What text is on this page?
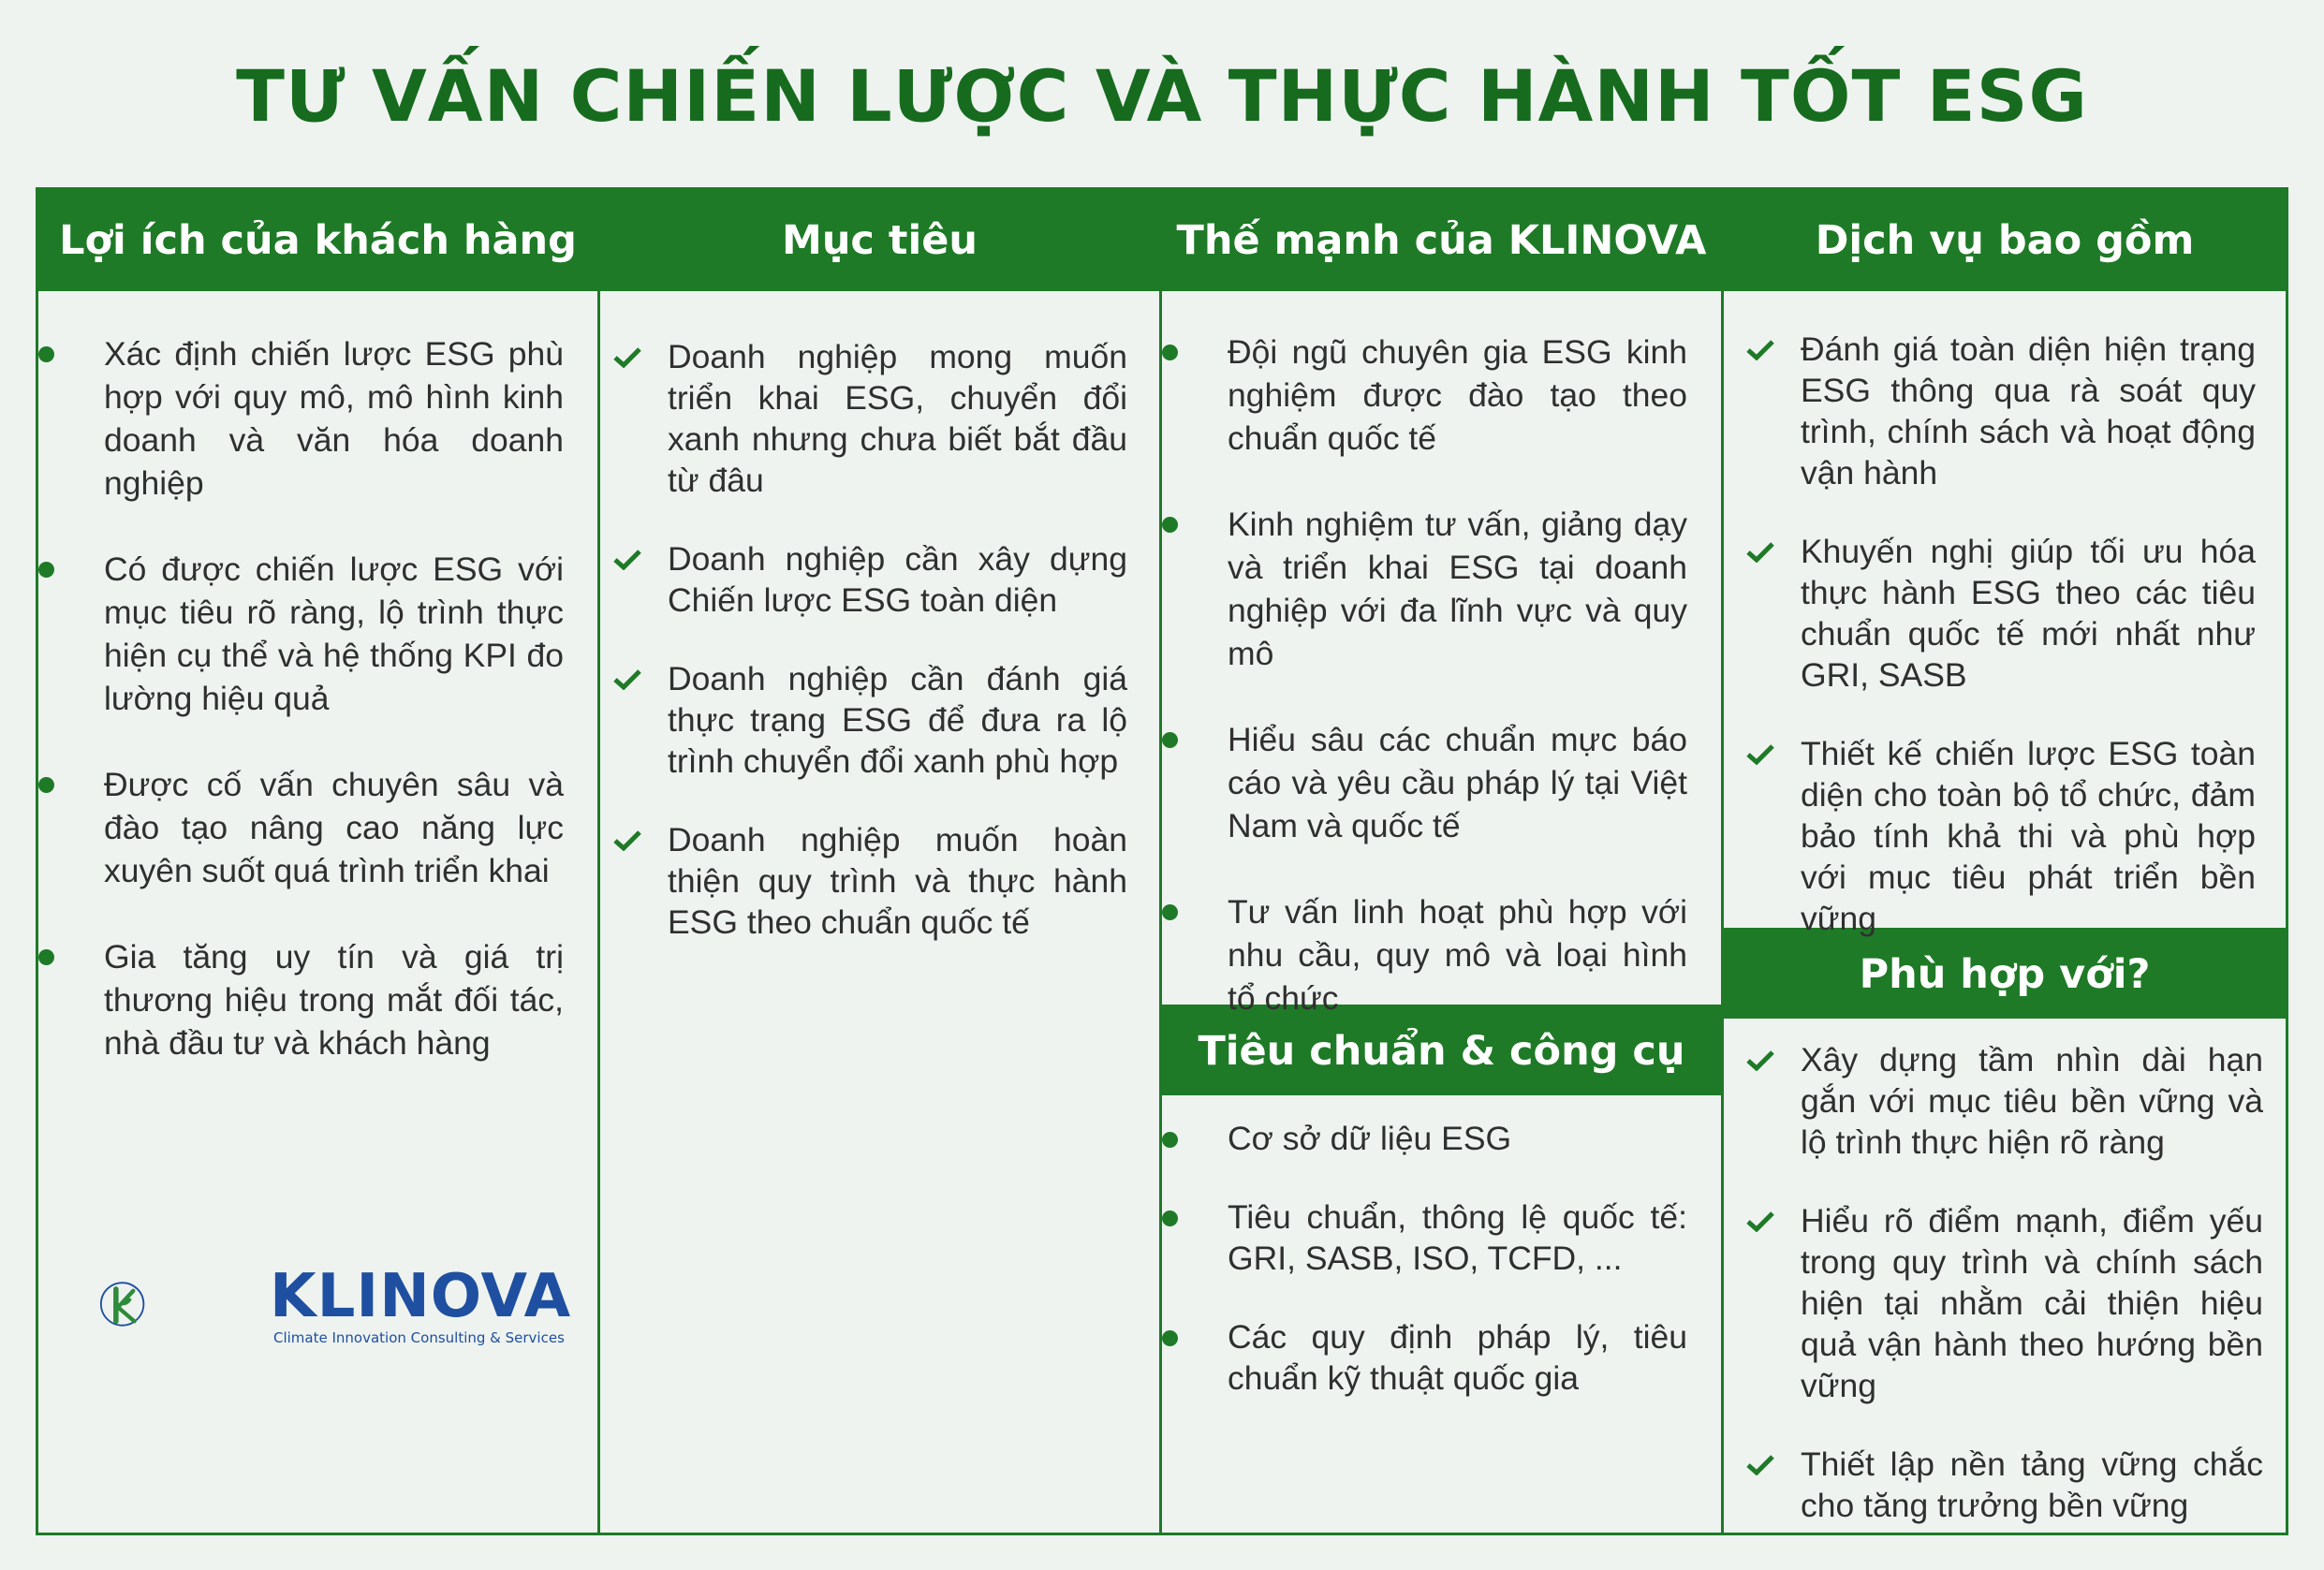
TƯ VẤN CHIẾN LƯỢC VÀ THỰC HÀNH TỐT ESG
Lợi ích của khách hàng
Xác định chiến lược ESG phù hợp với quy mô, mô hình kinh doanh và văn hóa doanh nghiệp
Có được chiến lược ESG với mục tiêu rõ ràng, lộ trình thực hiện cụ thể và hệ thống KPI đo lường hiệu quả
Được cố vấn chuyên sâu và đào tạo nâng cao năng lực xuyên suốt quá trình triển khai
Gia tăng uy tín và giá trị thương hiệu trong mắt đối tác, nhà đầu tư và khách hàng
Mục tiêu
Doanh nghiệp mong muốn triển khai ESG, chuyển đổi xanh nhưng chưa biết bắt đầu từ đâu
Doanh nghiệp cần xây dựng Chiến lược ESG toàn diện
Doanh nghiệp cần đánh giá thực trạng ESG để đưa ra lộ trình chuyển đổi xanh phù hợp
Doanh nghiệp muốn hoàn thiện quy trình và thực hành ESG theo chuẩn quốc tế
Thế mạnh của KLINOVA
Đội ngũ chuyên gia ESG kinh nghiệm được đào tạo theo chuẩn quốc tế
Kinh nghiệm tư vấn, giảng dạy và triển khai ESG tại doanh nghiệp với đa lĩnh vực và quy mô
Hiểu sâu các chuẩn mực báo cáo và yêu cầu pháp lý tại Việt Nam và quốc tế
Tư vấn linh hoạt phù hợp với nhu cầu, quy mô và loại hình tổ chức
Tiêu chuẩn & công cụ
Cơ sở dữ liệu ESG
Tiêu chuẩn, thông lệ quốc tế: GRI, SASB, ISO, TCFD, ...
Các quy định pháp lý, tiêu chuẩn kỹ thuật quốc gia
Dịch vụ bao gồm
Đánh giá toàn diện hiện trạng ESG thông qua rà soát quy trình, chính sách và hoạt động vận hành
Khuyến nghị giúp tối ưu hóa thực hành ESG theo các tiêu chuẩn quốc tế mới nhất như GRI, SASB
Thiết kế chiến lược ESG toàn diện cho toàn bộ tổ chức, đảm bảo tính khả thi và phù hợp với mục tiêu phát triển bền vững
Phù hợp với?
Xây dựng tầm nhìn dài hạn gắn với mục tiêu bền vững và lộ trình thực hiện rõ ràng
Hiểu rõ điểm mạnh, điểm yếu trong quy trình và chính sách hiện tại nhằm cải thiện hiệu quả vận hành theo hướng bền vững
Thiết lập nền tảng vững chắc cho tăng trưởng bền vững
KLINOVA
Climate Innovation Consulting & Services
